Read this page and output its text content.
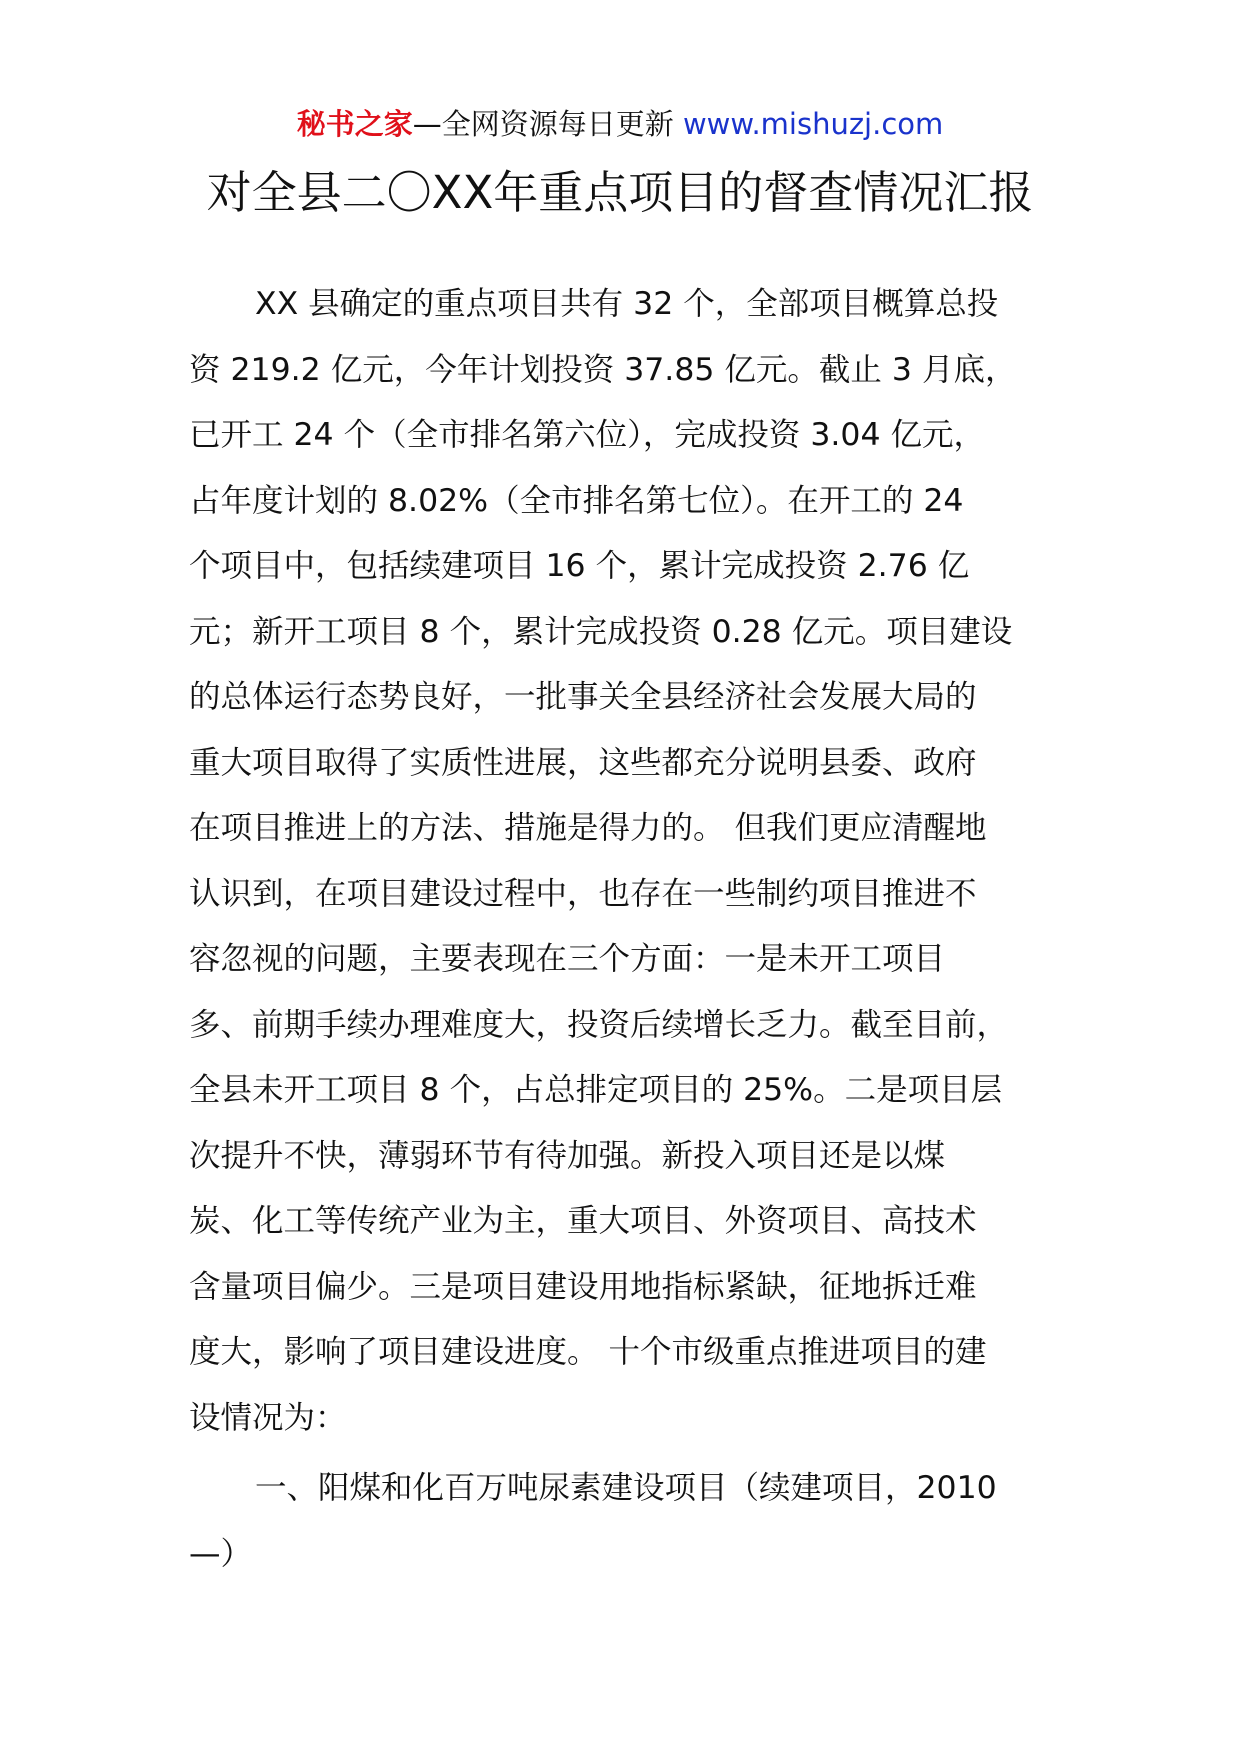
秘书之家—全网资源每日更新 www.mishuzj.com
对全县二〇XX年重点项目的督查情况汇报
XX 县确定的重点项目共有 32 个，全部项目概算总投
资 219.2 亿元，今年计划投资 37.85 亿元。截止 3 月底，
已开工 24 个（全市排名第六位），完成投资 3.04 亿元，
占年度计划的 8.02%（全市排名第七位）。在开工的 24
个项目中，包括续建项目 16 个，累计完成投资 2.76 亿
元；新开工项目 8 个，累计完成投资 0.28 亿元。项目建设
的总体运行态势良好，一批事关全县经济社会发展大局的
重大项目取得了实质性进展，这些都充分说明县委、政府
在项目推进上的方法、措施是得力的。 但我们更应清醒地
认识到，在项目建设过程中，也存在一些制约项目推进不
容忽视的问题，主要表现在三个方面：一是未开工项目
多、前期手续办理难度大，投资后续增长乏力。截至目前，
全县未开工项目 8 个，占总排定项目的 25%。二是项目层
次提升不快，薄弱环节有待加强。新投入项目还是以煤
炭、化工等传统产业为主，重大项目、外资项目、高技术
含量项目偏少。三是项目建设用地指标紧缺，征地拆迁难
度大，影响了项目建设进度。 十个市级重点推进项目的建
设情况为：
一、阳煤和化百万吨尿素建设项目（续建项目，2010
—）
